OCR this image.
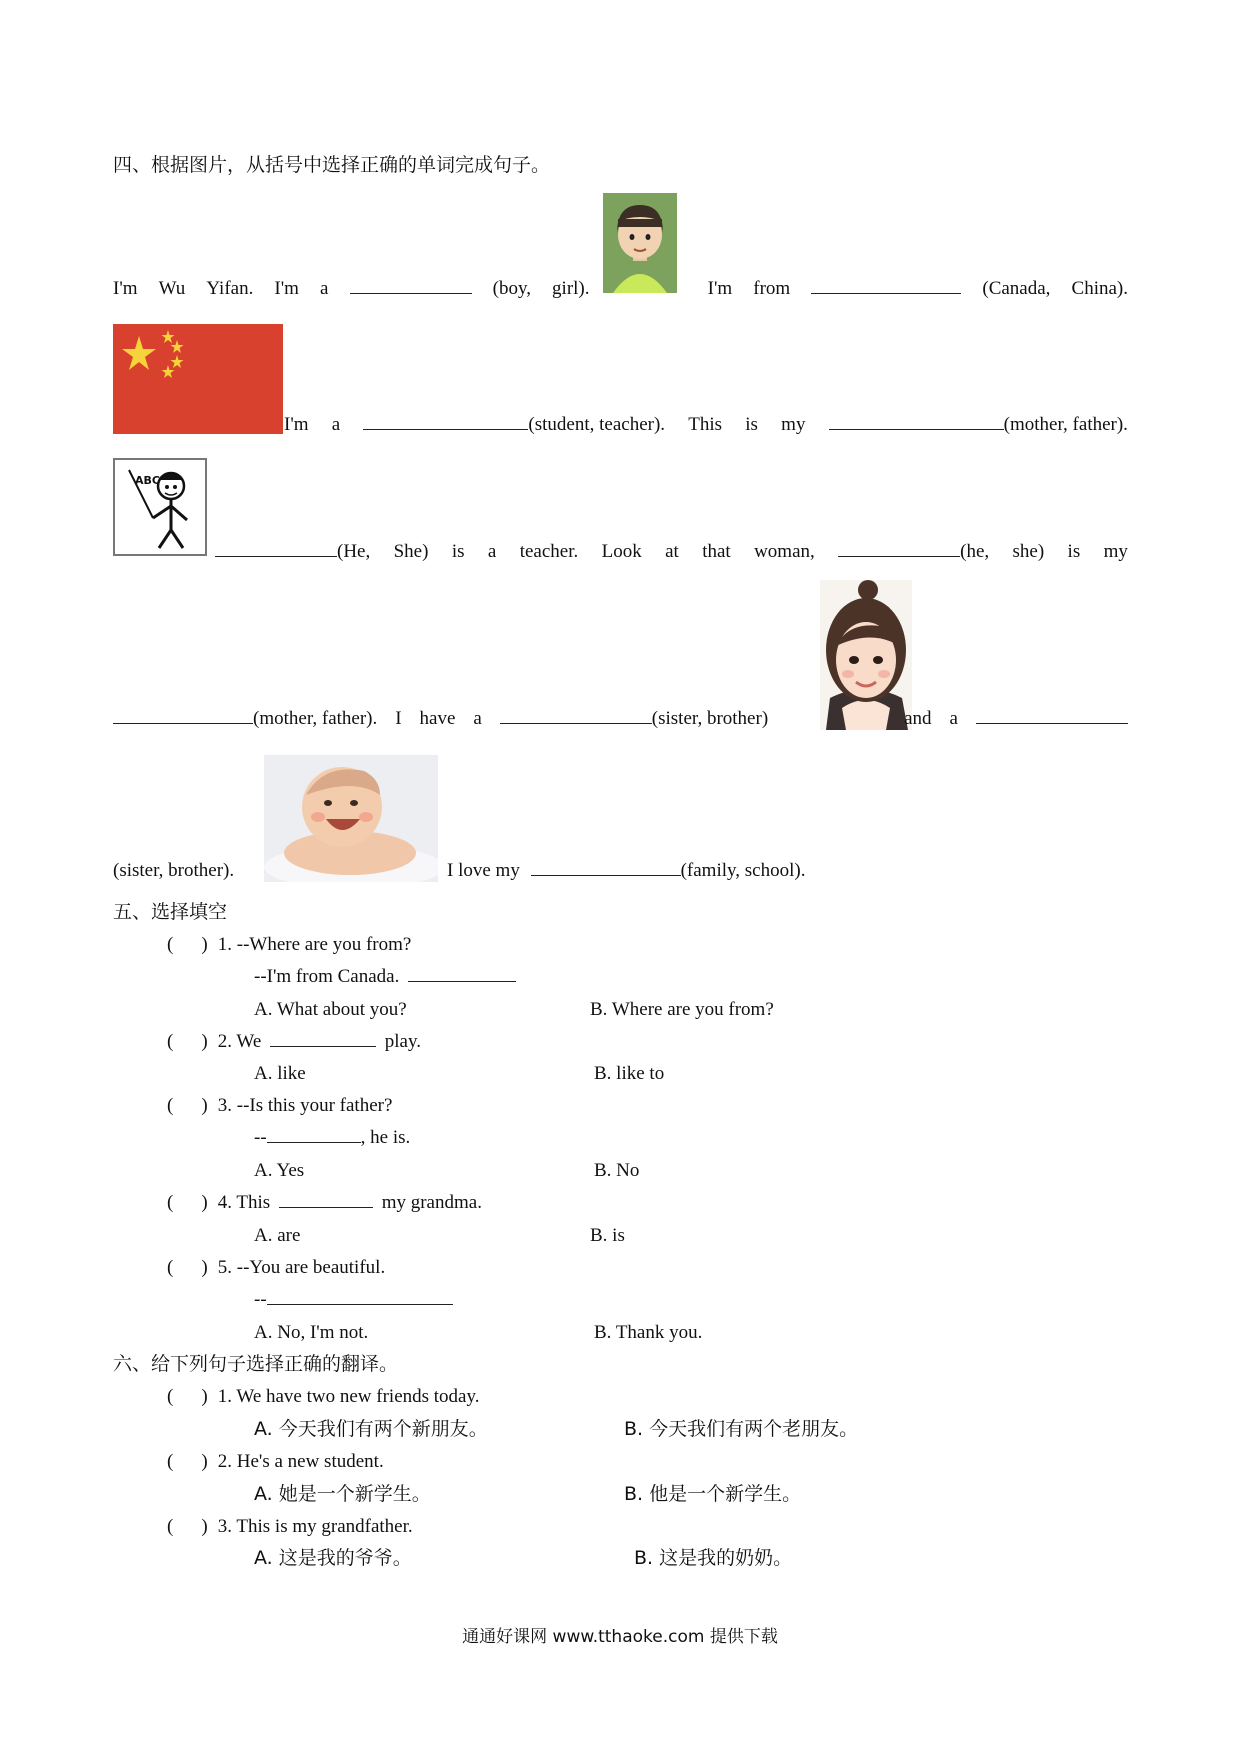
四、根据图片，从括号中选择正确的单词完成句子。
I'm Wu Yifan. I'm a	(boy, girl).	I'm from	(Canada, China).
I'm a	(student, teacher). This is my	(mother, father).
ABC
(He, She) is a teacher. Look at that woman,	(he, she) is my
(mother, father). I have a	(sister, brother)	and a
(sister, brother).	I love my	(family, school).
五、选择填空
( ) 1. --Where are you from?
--I'm from Canada.
A. What about you?	B. Where are you from?
( ) 2. We	play.
A. like	B. like to
( ) 3. --Is this your father?
--	, he is.
A. Yes	B. No
( ) 4. This	my grandma.
A. are	B. is
( ) 5. --You are beautiful.
--
A. No, I'm not.	B. Thank you.
六、给下列句子选择正确的翻译。
( ) 1. We have two new friends today.
A. 今天我们有两个新朋友。	B. 今天我们有两个老朋友。
( ) 2. He's a new student.
A. 她是一个新学生。	B. 他是一个新学生。
( ) 3. This is my grandfather.
A. 这是我的爷爷。	B. 这是我的奶奶。
通通好课网 www.tthaoke.com 提供下载
